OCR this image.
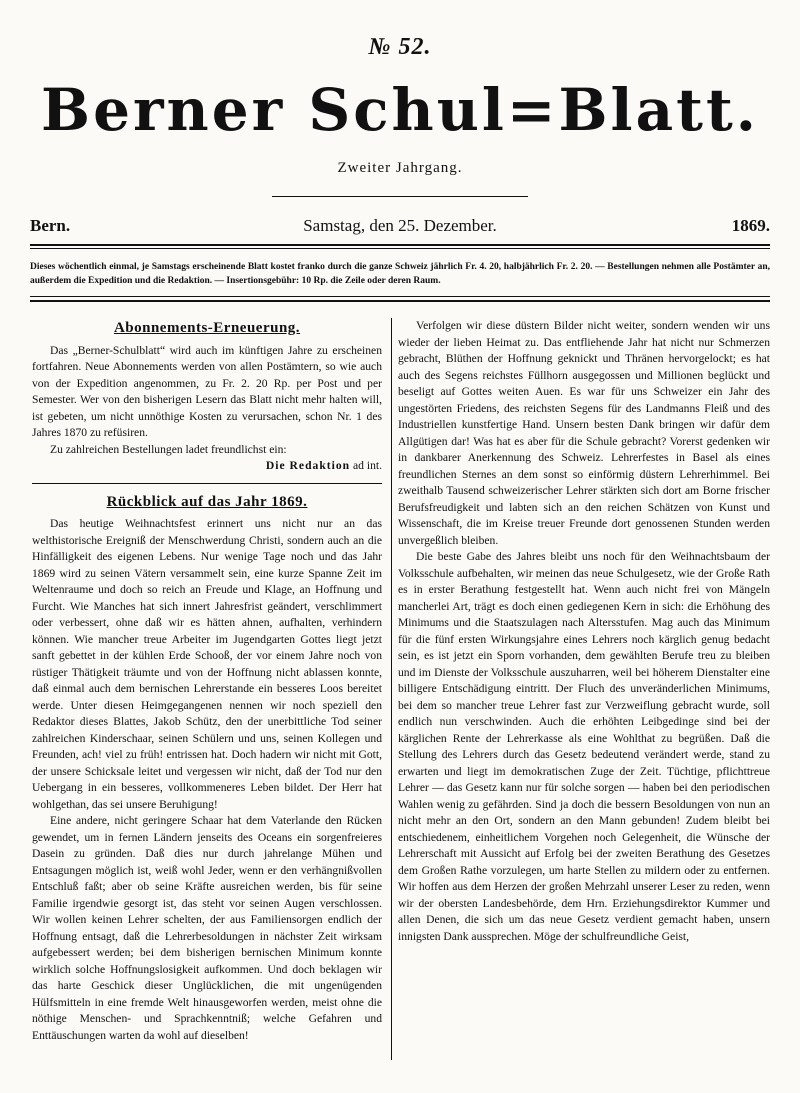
№ 52.
Berner Schul=Blatt.
Zweiter Jahrgang.
Bern.	Samstag, den 25. Dezember.	1869.
Dieses wöchentlich einmal, je Samstags erscheinende Blatt kostet franko durch die ganze Schweiz jährlich Fr. 4. 20, halbjährlich Fr. 2. 20. — Bestellungen nehmen alle Postämter an, außerdem die Expedition und die Redaktion. — Insertionsgebühr: 10 Rp. die Zeile oder deren Raum.
Abonnements-Erneuerung.

Das „Berner-Schulblatt“ wird auch im künftigen Jahre zu erscheinen fortfahren. Neue Abonnements werden von allen Postämtern, so wie auch von der Expedition angenommen, zu Fr. 2. 20 Rp. per Post und per Semester. Wer von den bisherigen Lesern das Blatt nicht mehr halten will, ist gebeten, um nicht unnöthige Kosten zu verursachen, schon Nr. 1 des Jahres 1870 zu refüsiren.

Zu zahlreichen Bestellungen ladet freundlichst ein:

Die Redaktion ad int.

Rückblick auf das Jahr 1869.

Das heutige Weihnachtsfest erinnert uns nicht nur an das welthistorische Ereigniß der Menschwerdung Christi, sondern auch an die Hinfälligkeit des eigenen Lebens. Nur wenige Tage noch und das Jahr 1869 wird zu seinen Vätern versammelt sein, eine kurze Spanne Zeit im Weltenraume und doch so reich an Freude und Klage, an Hoffnung und Furcht. Wie Manches hat sich innert Jahresfrist geändert, verschlimmert oder verbessert, ohne daß wir es hätten ahnen, aufhalten, verhindern können. Wie mancher treue Arbeiter im Jugendgarten Gottes liegt jetzt sanft gebettet in der kühlen Erde Schooß, der vor einem Jahre noch von rüstiger Thätigkeit träumte und von der Hoffnung nicht ablassen konnte, daß einmal auch dem bernischen Lehrerstande ein besseres Loos bereitet werde. Unter diesen Heimgegangenen nennen wir noch speziell den Redaktor dieses Blattes, Jakob Schütz, den der unerbittliche Tod seiner zahlreichen Kinderschaar, seinen Schülern und uns, seinen Kollegen und Freunden, ach! viel zu früh! entrissen hat. Doch hadern wir nicht mit Gott, der unsere Schicksale leitet und vergessen wir nicht, daß der Tod nur den Uebergang in ein besseres, vollkommeneres Leben bildet. Der Herr hat wohlgethan, das sei unsere Beruhigung!

Eine andere, nicht geringere Schaar hat dem Vaterlande den Rücken gewendet, um in fernen Ländern jenseits des Oceans ein sorgenfreieres Dasein zu gründen. Daß dies nur durch jahrelange Mühen und Entsagungen möglich ist, weiß wohl Jeder, wenn er den verhängnißvollen Entschluß faßt; aber ob seine Kräfte ausreichen werden, bis für seine Familie irgendwie gesorgt ist, das steht vor seinen Augen verschlossen. Wir wollen keinen Lehrer schelten, der aus Familiensorgen endlich der Hoffnung entsagt, daß die Lehrerbesoldungen in nächster Zeit wirksam aufgebessert werden; bei dem bisherigen bernischen Minimum konnte wirklich solche Hoffnungslosigkeit aufkommen. Und doch beklagen wir das harte Geschick dieser Unglücklichen, die mit ungenügenden Hülfsmitteln in eine fremde Welt hinausgeworfen werden, meist ohne die nöthige Menschen- und Sprachkenntniß; welche Gefahren und Enttäuschungen warten da wohl auf dieselben!

Verfolgen wir diese düstern Bilder nicht weiter, sondern wenden wir uns wieder der lieben Heimat zu. Das entfliehende Jahr hat nicht nur Schmerzen gebracht, Blüthen der Hoffnung geknickt und Thränen hervorgelockt; es hat auch des Segens reichstes Füllhorn ausgegossen und Millionen beglückt und beseligt auf Gottes weiten Auen. Es war für uns Schweizer ein Jahr des ungestörten Friedens, des reichsten Segens für des Landmanns Fleiß und des Industriellen kunstfertige Hand. Unsern besten Dank bringen wir dafür dem Allgütigen dar! Was hat es aber für die Schule gebracht? Vorerst gedenken wir in dankbarer Anerkennung des Schweiz. Lehrerfestes in Basel als eines freundlichen Sternes an dem sonst so einförmig düstern Lehrerhimmel. Bei zweithalb Tausend schweizerischer Lehrer stärkten sich dort am Borne frischer Berufsfreudigkeit und labten sich an den reichen Schätzen von Kunst und Wissenschaft, die im Kreise treuer Freunde dort genossenen Stunden werden unvergeßlich bleiben.

Die beste Gabe des Jahres bleibt uns noch für den Weihnachtsbaum der Volksschule aufbehalten, wir meinen das neue Schulgesetz, wie der Große Rath es in erster Berathung festgestellt hat. Wenn auch nicht frei von Mängeln mancherlei Art, trägt es doch einen gediegenen Kern in sich: die Erhöhung des Minimums und die Staatszulagen nach Altersstufen. Mag auch das Minimum für die fünf ersten Wirkungsjahre eines Lehrers noch kärglich genug bedacht sein, es ist jetzt ein Sporn vorhanden, dem gewählten Berufe treu zu bleiben und im Dienste der Volksschule auszuharren, weil bei höherem Dienstalter eine billigere Entschädigung eintritt. Der Fluch des unveränderlichen Minimums, bei dem so mancher treue Lehrer fast zur Verzweiflung gebracht wurde, soll endlich nun verschwinden. Auch die erhöhten Leibgedinge sind bei der kärglichen Rente der Lehrerkasse als eine Wohlthat zu begrüßen. Daß die Stellung des Lehrers durch das Gesetz bedeutend verändert werde, stand zu erwarten und liegt im demokratischen Zuge der Zeit. Tüchtige, pflichttreue Lehrer — das Gesetz kann nur für solche sorgen — haben bei den periodischen Wahlen wenig zu gefährden. Sind ja doch die bessern Besoldungen von nun an nicht mehr an den Ort, sondern an den Mann gebunden! Zudem bleibt bei entschiedenem, einheitlichem Vorgehen noch Gelegenheit, die Wünsche der Lehrerschaft mit Aussicht auf Erfolg bei der zweiten Berathung des Gesetzes dem Großen Rathe vorzulegen, um harte Stellen zu mildern oder zu entfernen. Wir hoffen aus dem Herzen der großen Mehrzahl unserer Leser zu reden, wenn wir der obersten Landesbehörde, dem Hrn. Erziehungsdirektor Kummer und allen Denen, die sich um das neue Gesetz verdient gemacht haben, unsern innigsten Dank aussprechen. Möge der schulfreundliche Geist,
